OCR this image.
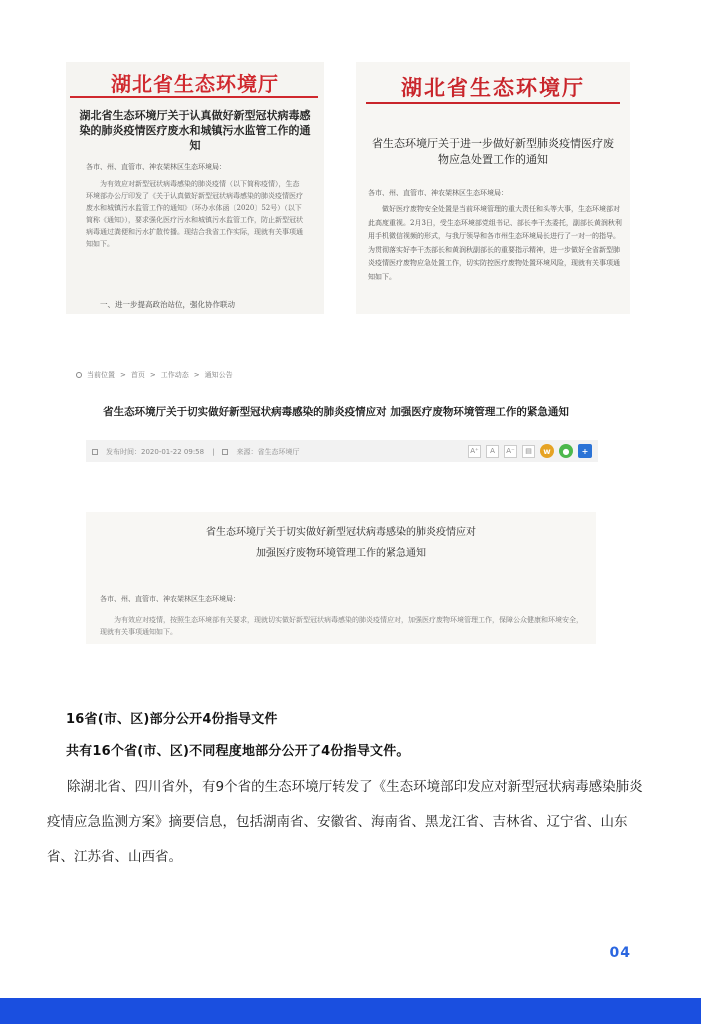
湖北省生态环境厅
湖北省生态环境厅关于认真做好新型冠状病毒感染的肺炎疫情医疗废水和城镇污水监管工作的通知
各市、州、直管市、神农架林区生态环境局：
为有效应对新型冠状病毒感染的肺炎疫情（以下简称疫情），生态环境部办公厅印发了《关于认真做好新型冠状病毒感染的肺炎疫情医疗废水和城镇污水监管工作的通知》（环办水体函〔2020〕52号）（以下简称《通知》），要求强化医疗污水和城镇污水监管工作，防止新型冠状病毒通过粪便和污水扩散传播。现结合我省工作实际，现就有关事项通知如下。
一、进一步提高政治站位，强化协作联动
湖北省生态环境厅
省生态环境厅关于进一步做好新型肺炎疫情医疗废物应急处置工作的通知
各市、州、直管市、神农架林区生态环境局：
做好医疗废物安全处置是当前环境管理的重大责任和头等大事，生态环境部对此高度重视。2月3日，受生态环境部党组书记、部长李干杰委托，副部长黄润秋利用手机微信视频的形式，与我厅领导和各市州生态环境局长进行了一对一的指导。为贯彻落实好李干杰部长和黄润秋副部长的重要指示精神，进一步做好全省新型肺炎疫情医疗废物应急处置工作，切实防控医疗废物处置环境风险，现就有关事项通知如下。
当前位置 > 首页 > 工作动态 > 通知公告
省生态环境厅关于切实做好新型冠状病毒感染的肺炎疫情应对 加强医疗废物环境管理工作的紧急通知
发布时间：2020-01-22 09:58 |	来源：省生态环境厅	A⁺	A	A⁻	▤	w	●	+
省生态环境厅关于切实做好新型冠状病毒感染的肺炎疫情应对
加强医疗废物环境管理工作的紧急通知
各市、州、直管市、神农架林区生态环境局：
为有效应对疫情，按照生态环境部有关要求，现就切实做好新型冠状病毒感染的肺炎疫情应对，加强医疗废物环境管理工作，保障公众健康和环境安全，现就有关事项通知如下。
16省(市、区)部分公开4份指导文件
共有16个省(市、区)不同程度地部分公开了4份指导文件。
除湖北省、四川省外，有9个省的生态环境厅转发了《生态环境部印发应对新型冠状病毒感染肺炎疫情应急监测方案》摘要信息，包括湖南省、安徽省、海南省、黑龙江省、吉林省、辽宁省、山东省、江苏省、山西省。
04
